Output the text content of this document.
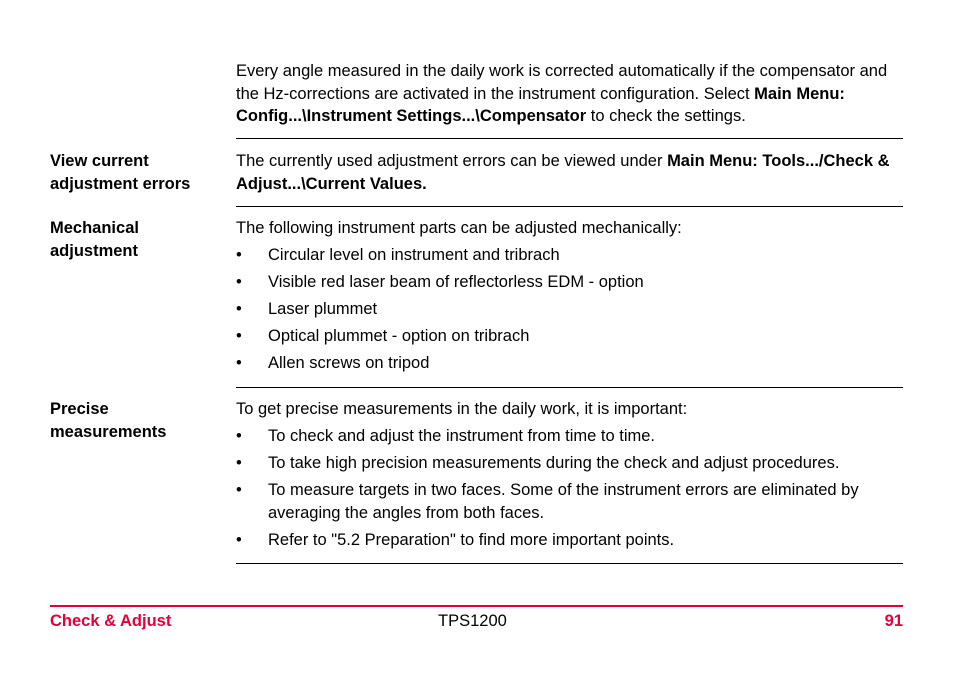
Every angle measured in the daily work is corrected automatically if the compensator and the Hz-corrections are activated in the instrument configuration. Select Main Menu: Config...\Instrument Settings...\Compensator to check the settings.
View current adjustment errors
The currently used adjustment errors can be viewed under Main Menu: Tools.../Check & Adjust...\Current Values.
Mechanical adjustment
The following instrument parts can be adjusted mechanically:
• Circular level on instrument and tribrach
• Visible red laser beam of reflectorless EDM - option
• Laser plummet
• Optical plummet - option on tribrach
• Allen screws on tripod
Precise measurements
To get precise measurements in the daily work, it is important:
• To check and adjust the instrument from time to time.
• To take high precision measurements during the check and adjust procedures.
• To measure targets in two faces. Some of the instrument errors are eliminated by averaging the angles from both faces.
• Refer to "5.2 Preparation" to find more important points.
Check & Adjust	TPS1200	91
